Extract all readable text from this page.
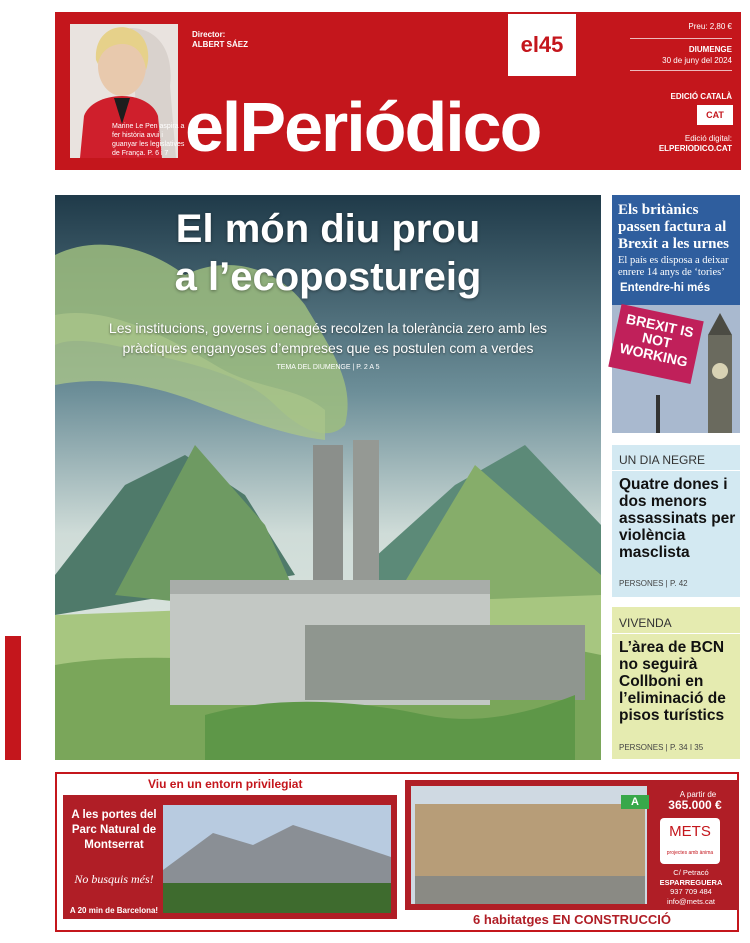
Marine Le Pen aspira a fer història avui i guanyar les legislatives de França. P. 6 i 7
Director:
ALBERT SÁEZ	el45
elPeriódico
Preu: 2,80 €
DIUMENGE
30 de juny del 2024
EDICIÓ CATALÀ
CAT
Edició digital:
ELPERIODICO.CAT
El món diu prou
a l’ecopostureig
Les institucions, governs i oenagés recolzen la tolerància zero amb les pràctiques enganyoses d’empreses que es postulen com a verdes
TEMA DEL DIUMENGE | P. 2 A 5
Els britànics passen factura al Brexit a les urnes
El país es disposa a deixar enrere 14 anys de ‘tories’
Entendre-hi més
BREXIT IS NOT WORKING
UN DIA NEGRE
Quatre dones i dos menors assassinats per violència masclista
PERSONES | P. 42
VIVENDA
L’àrea de BCN no seguirà Collboni en l’eliminació de pisos turístics
PERSONES | P. 34 I 35
Viu en un entorn privilegiat
A les portes del Parc Natural de Montserrat
No busquis més!
A 20 min de Barcelona!
A
A partir de
365.000 €
METS
projectes amb ànima
C/ Petracó
ESPARREGUERA
937 709 484
info@mets.cat
6 habitatges EN CONSTRUCCIÓ
